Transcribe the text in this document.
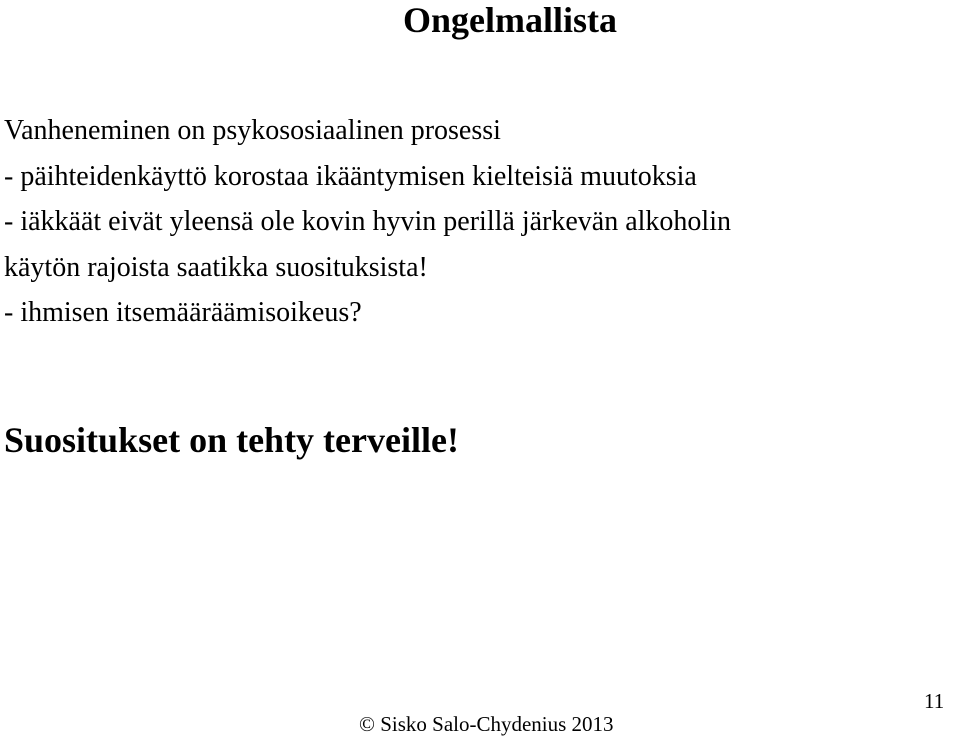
Ongelmallista
Vanheneminen on psykososiaalinen prosessi
- päihteidenkäyttö korostaa ikääntymisen kielteisiä muutoksia
- iäkkäät eivät yleensä ole kovin hyvin perillä järkevän alkoholin
käytön rajoista saatikka suosituksista!
- ihmisen itsemääräämisoikeus?
Suositukset on tehty terveille!
© Sisko Salo-Chydenius 2013
11
